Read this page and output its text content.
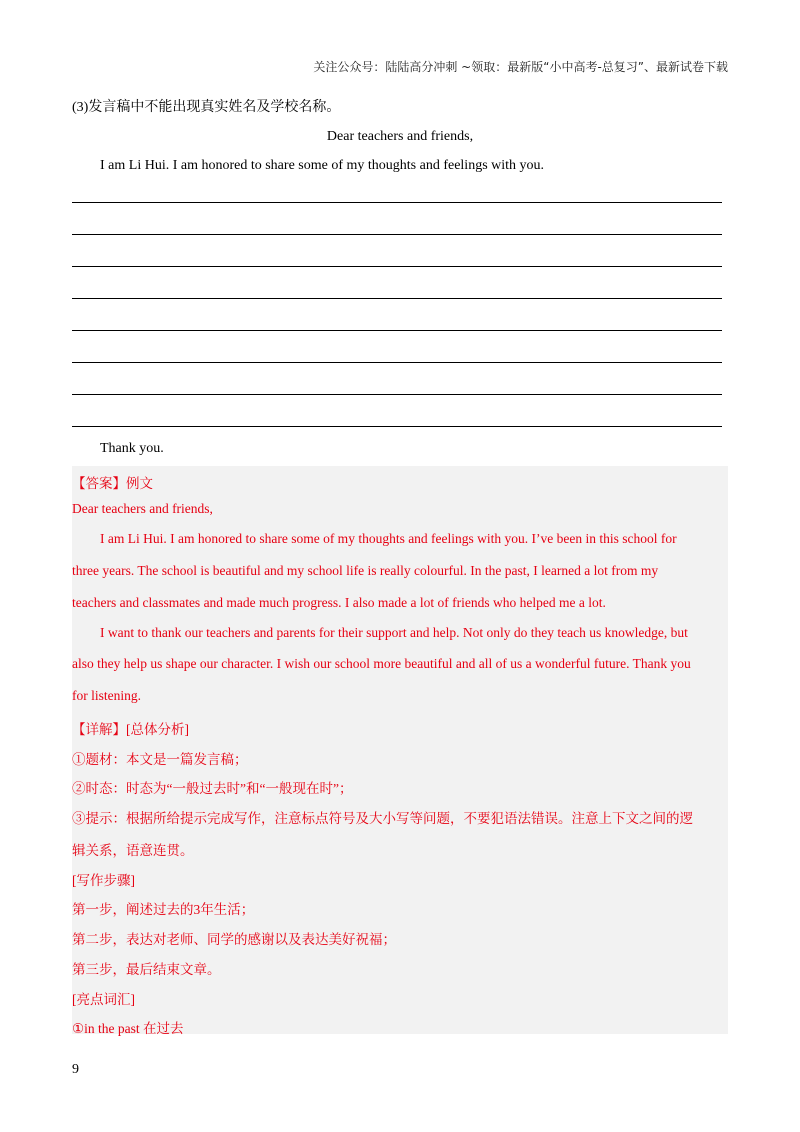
关注公众号：陆陆高分冲刺 ~领取：最新版“小中高考-总复习”、最新试卷下载
(3)发言稿中不能出现真实姓名及学校名称。
Dear teachers and friends,
I am Li Hui. I am honored to share some of my thoughts and feelings with you.
Thank you.
【答案】例文
Dear teachers and friends,
I am Li Hui. I am honored to share some of my thoughts and feelings with you. I’ve been in this school for
three years. The school is beautiful and my school life is really colourful. In the past, I learned a lot from my
teachers and classmates and made much progress. I also made a lot of friends who helped me a lot.
I want to thank our teachers and parents for their support and help. Not only do they teach us knowledge, but
also they help us shape our character. I wish our school more beautiful and all of us a wonderful future. Thank you
for listening.
【详解】[总体分析]
①题材：本文是一篇发言稿；
②时态：时态为“一般过去时”和“一般现在时”；
③提示：根据所给提示完成写作，注意标点符号及大小写等问题，不要犯语法错误。注意上下文之间的逻
辑关系，语意连贯。
[写作步骤]
第一步，阐述过去的3年生活；
第二步，表达对老师、同学的感谢以及表达美好祝福；
第三步，最后结束文章。
[亮点词汇]
①in the past 在过去
9
